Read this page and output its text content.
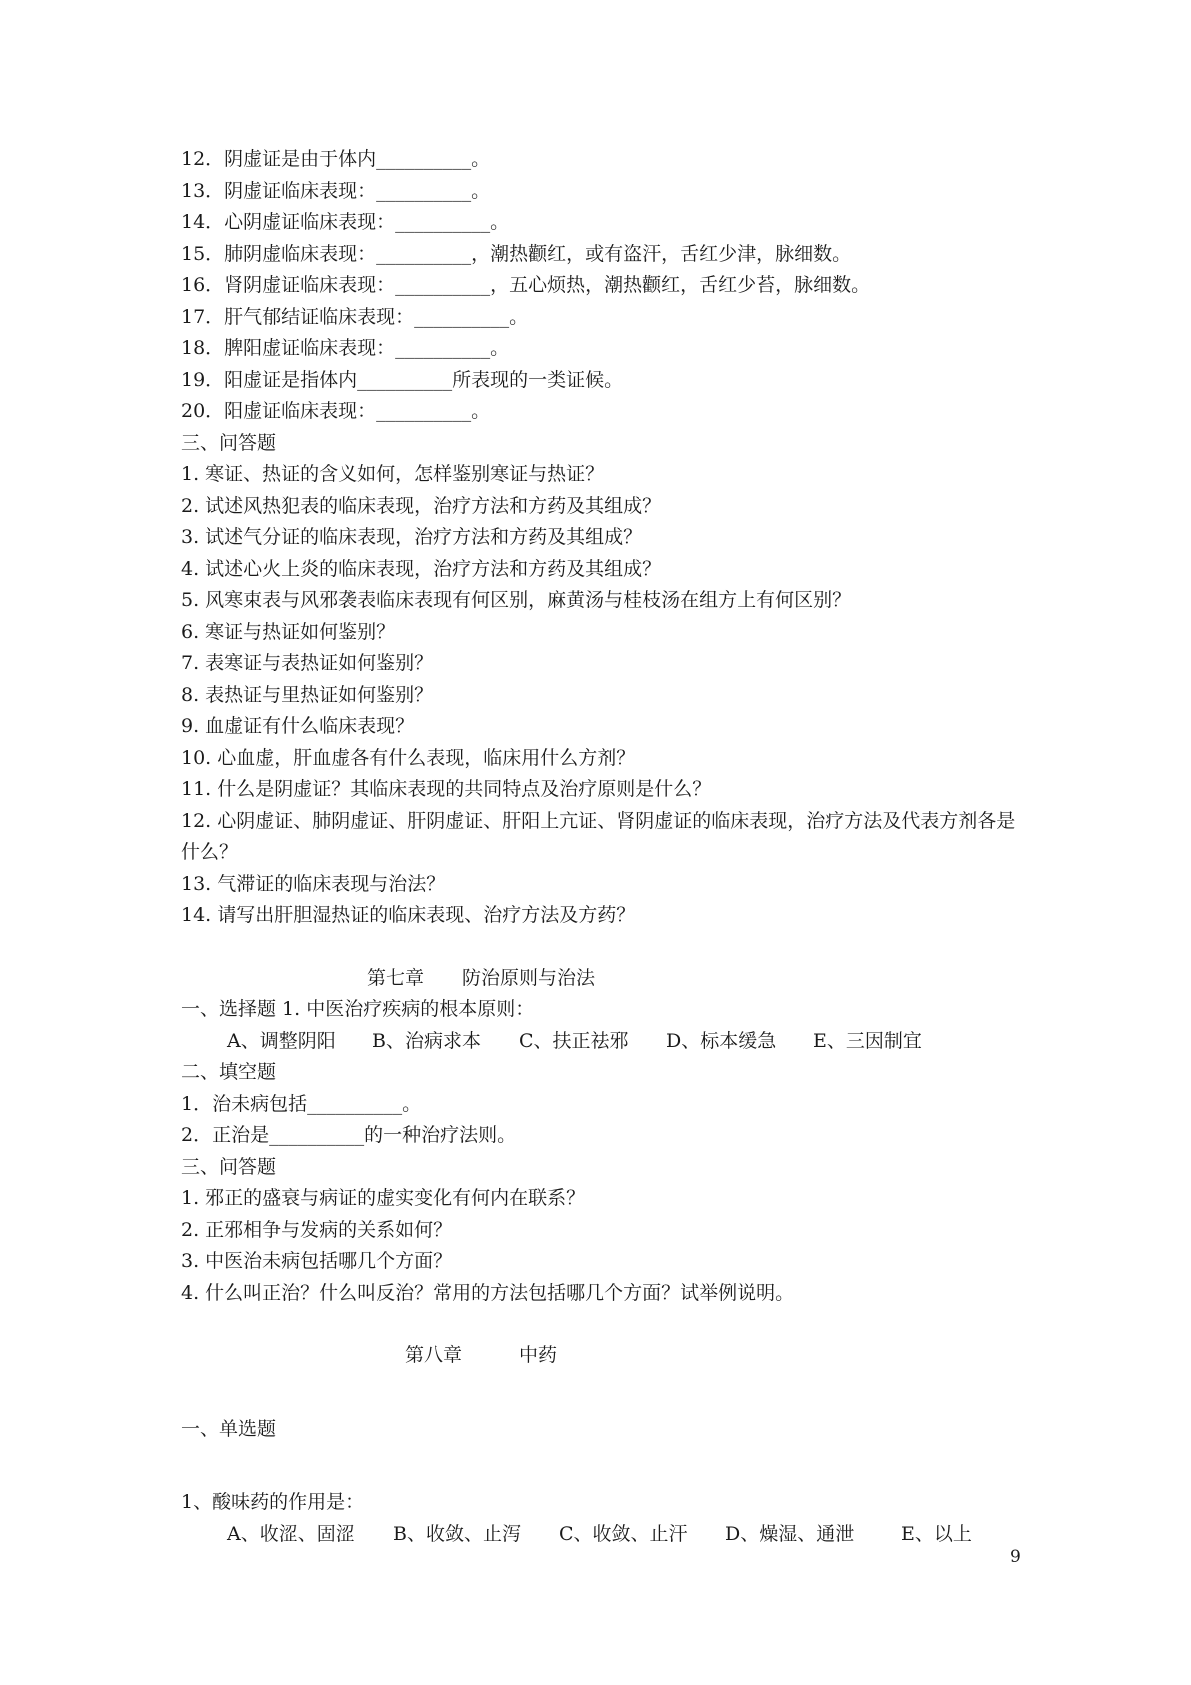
12．阴虚证是由于体内__________。
13．阴虚证临床表现：__________。
14．心阴虚证临床表现：__________。
15．肺阴虚临床表现：__________，潮热颧红，或有盗汗，舌红少津，脉细数。
16．肾阴虚证临床表现：__________，五心烦热，潮热颧红，舌红少苔，脉细数。
17．肝气郁结证临床表现：__________。
18．脾阳虚证临床表现：__________。
19．阳虚证是指体内__________所表现的一类证候。
20．阳虚证临床表现：__________。
三、问答题
1. 寒证、热证的含义如何，怎样鉴别寒证与热证？
2. 试述风热犯表的临床表现，治疗方法和方药及其组成？
3. 试述气分证的临床表现，治疗方法和方药及其组成？
4. 试述心火上炎的临床表现，治疗方法和方药及其组成？
5. 风寒束表与风邪袭表临床表现有何区别，麻黄汤与桂枝汤在组方上有何区别？
6. 寒证与热证如何鉴别？
7. 表寒证与表热证如何鉴别？
8. 表热证与里热证如何鉴别？
9. 血虚证有什么临床表现？
10. 心血虚，肝血虚各有什么表现，临床用什么方剂？
11. 什么是阴虚证？其临床表现的共同特点及治疗原则是什么？
12. 心阴虚证、肺阴虚证、肝阴虚证、肝阳上亢证、肾阴虚证的临床表现，治疗方法及代表方剂各是什么？
13. 气滞证的临床表现与治法？
14. 请写出肝胆湿热证的临床表现、治疗方法及方药？
第七章　　防治原则与治法
一、选择题 1. 中医治疗疾病的根本原则：
A、调整阴阳 B、治病求本 C、扶正祛邪 D、标本缓急 E、三因制宜
二、填空题
1．治未病包括__________。
2．正治是__________的一种治疗法则。
三、问答题
1. 邪正的盛衰与病证的虚实变化有何内在联系？
2. 正邪相争与发病的关系如何？
3. 中医治未病包括哪几个方面？
4. 什么叫正治？什么叫反治？常用的方法包括哪几个方面？试举例说明。
第八章　　　中药
一、单选题
1、酸味药的作用是：
A、收涩、固涩 B、收敛、止泻 C、收敛、止汗 D、燥湿、通泄 E、以上
9
